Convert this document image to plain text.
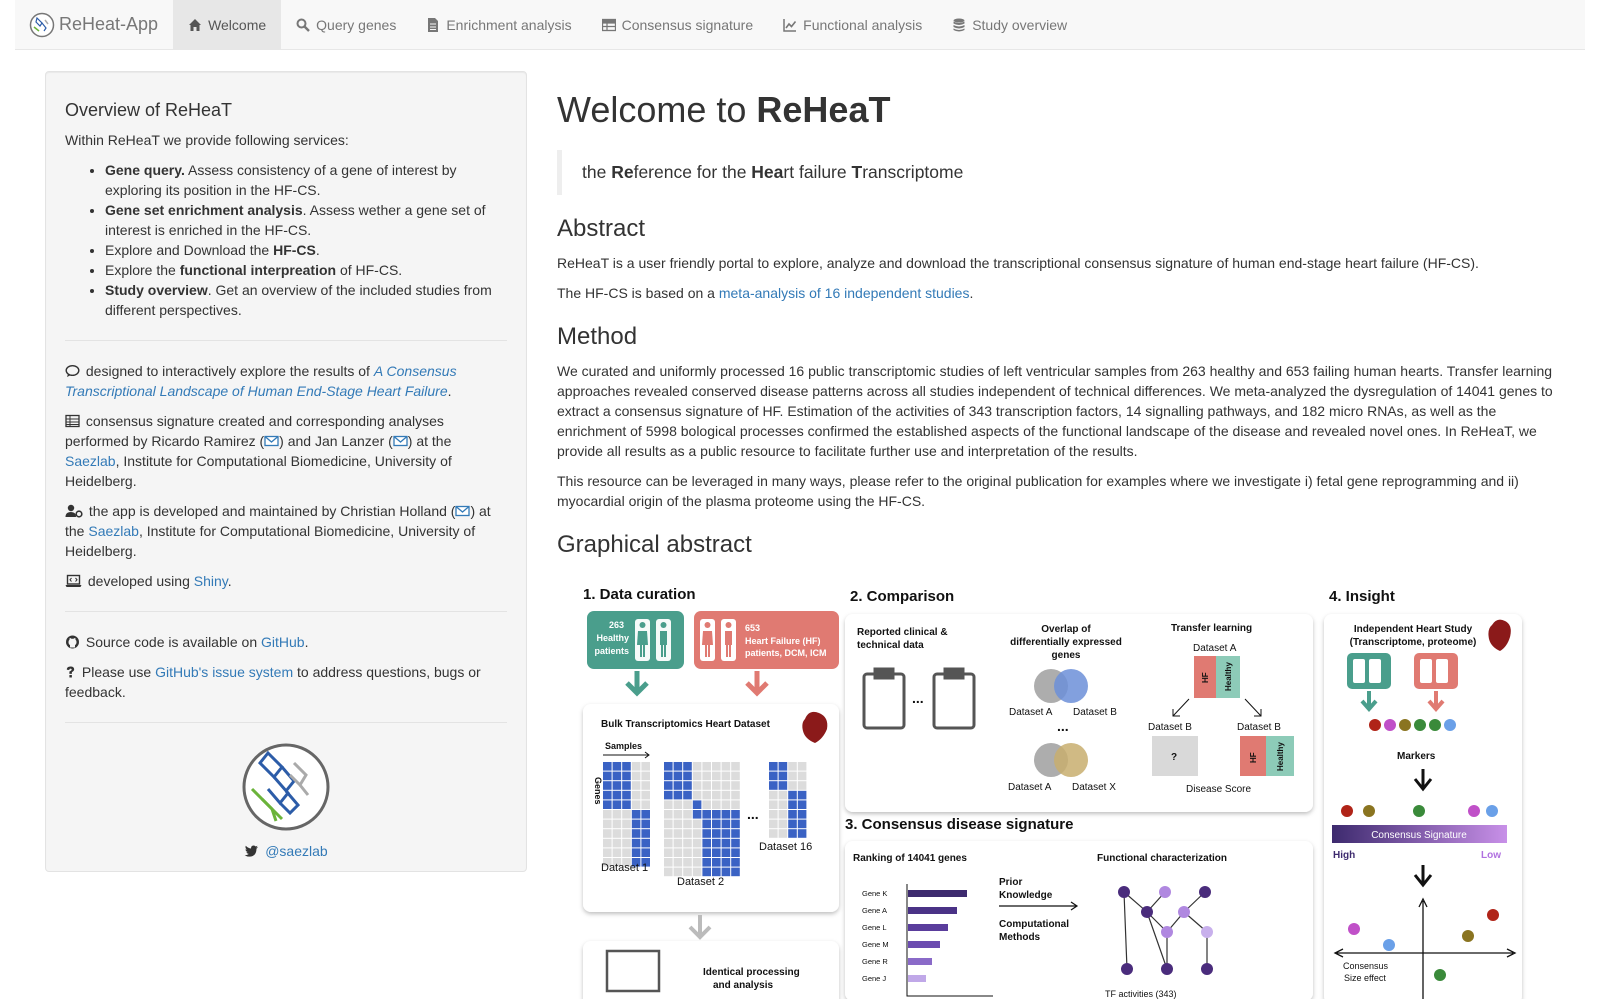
ReHeat-App	Welcome	Query genes	Enrichment analysis	Consensus signature	Functional analysis	Study overview
Overview of ReHeaT

Within ReHeaT we provide following services:

• Gene query. Assess consistency of a gene of interest by exploring its position in the HF-CS.
• Gene set enrichment analysis. Assess wether a gene set of interest is enriched in the HF-CS.
• Explore and Download the HF-CS.
• Explore the functional interpreation of HF-CS.
• Study overview. Get an overview of the included studies from different perspectives.

designed to interactively explore the results of A Consensus Transcriptional Landscape of Human End-Stage Heart Failure.

consensus signature created and corresponding analyses performed by Ricardo Ramirez ( ) and Jan Lanzer ( ) at the Saezlab, Institute for Computational Biomedicine, University of Heidelberg.

the app is developed and maintained by Christian Holland ( ) at the Saezlab, Institute for Computational Biomedicine, University of Heidelberg.

developed using Shiny.

Source code is available on GitHub.

Please use GitHub's issue system to address questions, bugs or feedback.

@saezlab
Welcome to ReHeaT
the Reference for the Heart failure Transcriptome
Abstract

ReHeaT is a user friendly portal to explore, analyze and download the transcriptional consensus signature of human end-stage heart failure (HF-CS).

The HF-CS is based on a meta-analysis of 16 independent studies.

Method

We curated and uniformly processed 16 public transcriptomic studies of left ventricular samples from 263 healthy and 653 failing human hearts. Transfer learning approaches revealed conserved disease patterns across all studies independent of technical differences. We meta-analyzed the dysregulation of 14041 genes to extract a consensus signature of HF. Estimation of the activities of 343 transcription factors, 14 signalling pathways, and 182 micro RNAs, as well as the enrichment of 5998 bological processes confirmed the established aspects of the functional landscape of the disease and revealed novel ones. In ReHeaT, we provide all results as a public resource to facilitate further use and interpretation of the results.

This resource can be leveraged in many ways, please refer to the original publication for examples where we investigate i) fetal gene reprogramming and ii) myocardial origin of the plasma proteome using the HF-CS.

Graphical abstract
1. Data curation
263
Healthy
patients
653
Heart Failure (HF)
patients, DCM, ICM
Bulk Transcriptomics Heart Dataset
Samples
Genes
Dataset 1
Dataset 2
...
Dataset 16
Identical processing
and analysis
2. Comparison
Reported clinical &
technical data
...
Overlap of
differentially expressed
genes
Dataset A Dataset B
...
Dataset A Dataset X
Transfer learning
Dataset A
HF Healthy
Dataset B	Dataset B
?	HF Healthy
Disease Score
3. Consensus disease signature
Ranking of 14041 genes
Gene K
Gene A
Gene L
Gene M
Gene R
Gene J
Prior
Knowledge
Computational
Methods
Functional characterization
TF activities (343)
4. Insight
Independent Heart Study
(Transcriptome, proteome)
Markers
Consensus Signature
High	Low
Consensus
Size effect
